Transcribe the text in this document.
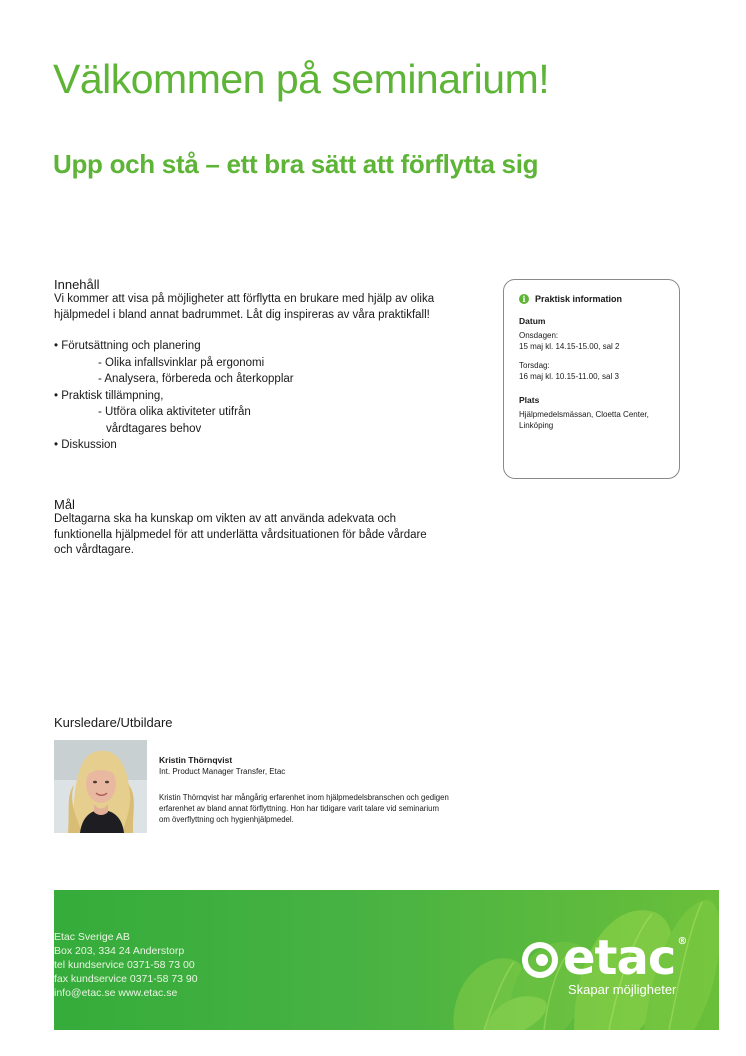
Välkommen på seminarium!
Upp och stå – ett bra sätt att förflytta sig

Innehåll

Vi kommer att visa på möjligheter att förflytta en brukare med hjälp av olika hjälpmedel i bland annat badrummet. Låt dig inspireras av våra praktikfall!

• Förutsättning och planering
- Olika infallsvinklar på ergonomi
- Analysera, förbereda och återkopplar
• Praktisk tillämpning,
- Utföra olika aktiviteter utifrån
vårdtagares behov
• Diskussion

Mål

Deltagarna ska ha kunskap om vikten av att använda adekvata och funktionella hjälpmedel för att underlätta vårdsituationen för både vårdare och vårdtagare.

i	Praktisk information
Datum
Onsdagen:
15 maj kl. 14.15-15.00, sal 2
Torsdag:
16 maj kl. 10.15-11.00, sal 3
Plats
Hjälpmedelsmässan, Cloetta Center, Linköping
Kursledare/Utbildare
Kristin Thörnqvist
Int. Product Manager Transfer, Etac
Kristin Thörnqvist har mångårig erfarenhet inom hjälpmedelsbranschen och gedigen erfarenhet av bland annat förflyttning. Hon har tidigare varit talare vid seminarium om överflyttning och hygienhjälpmedel.
Etac Sverige AB
Box 203, 334 24 Anderstorp
tel kundservice 0371-58 73 00
fax kundservice 0371-58 73 90
info@etac.se www.etac.se
etac ®
Skapar möjligheter
